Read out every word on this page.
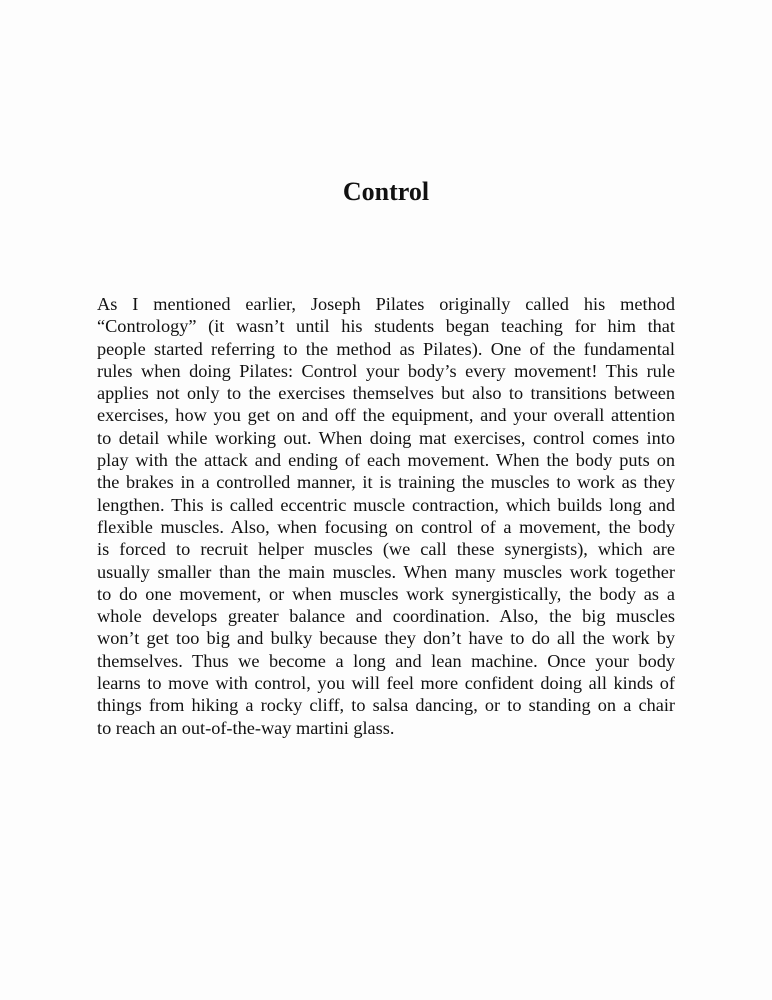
Control
As I mentioned earlier, Joseph Pilates originally called his method
“Contrology” (it wasn’t until his students began teaching for him that
people started referring to the method as Pilates). One of the fundamental
rules when doing Pilates: Control your body’s every movement! This rule
applies not only to the exercises themselves but also to transitions between
exercises, how you get on and off the equipment, and your overall attention
to detail while working out. When doing mat exercises, control comes into
play with the attack and ending of each movement. When the body puts on
the brakes in a controlled manner, it is training the muscles to work as they
lengthen. This is called eccentric muscle contraction, which builds long and
flexible muscles. Also, when focusing on control of a movement, the body
is forced to recruit helper muscles (we call these synergists), which are
usually smaller than the main muscles. When many muscles work together
to do one movement, or when muscles work synergistically, the body as a
whole develops greater balance and coordination. Also, the big muscles
won’t get too big and bulky because they don’t have to do all the work by
themselves. Thus we become a long and lean machine. Once your body
learns to move with control, you will feel more confident doing all kinds of
things from hiking a rocky cliff, to salsa dancing, or to standing on a chair
to reach an out-of-the-way martini glass.
